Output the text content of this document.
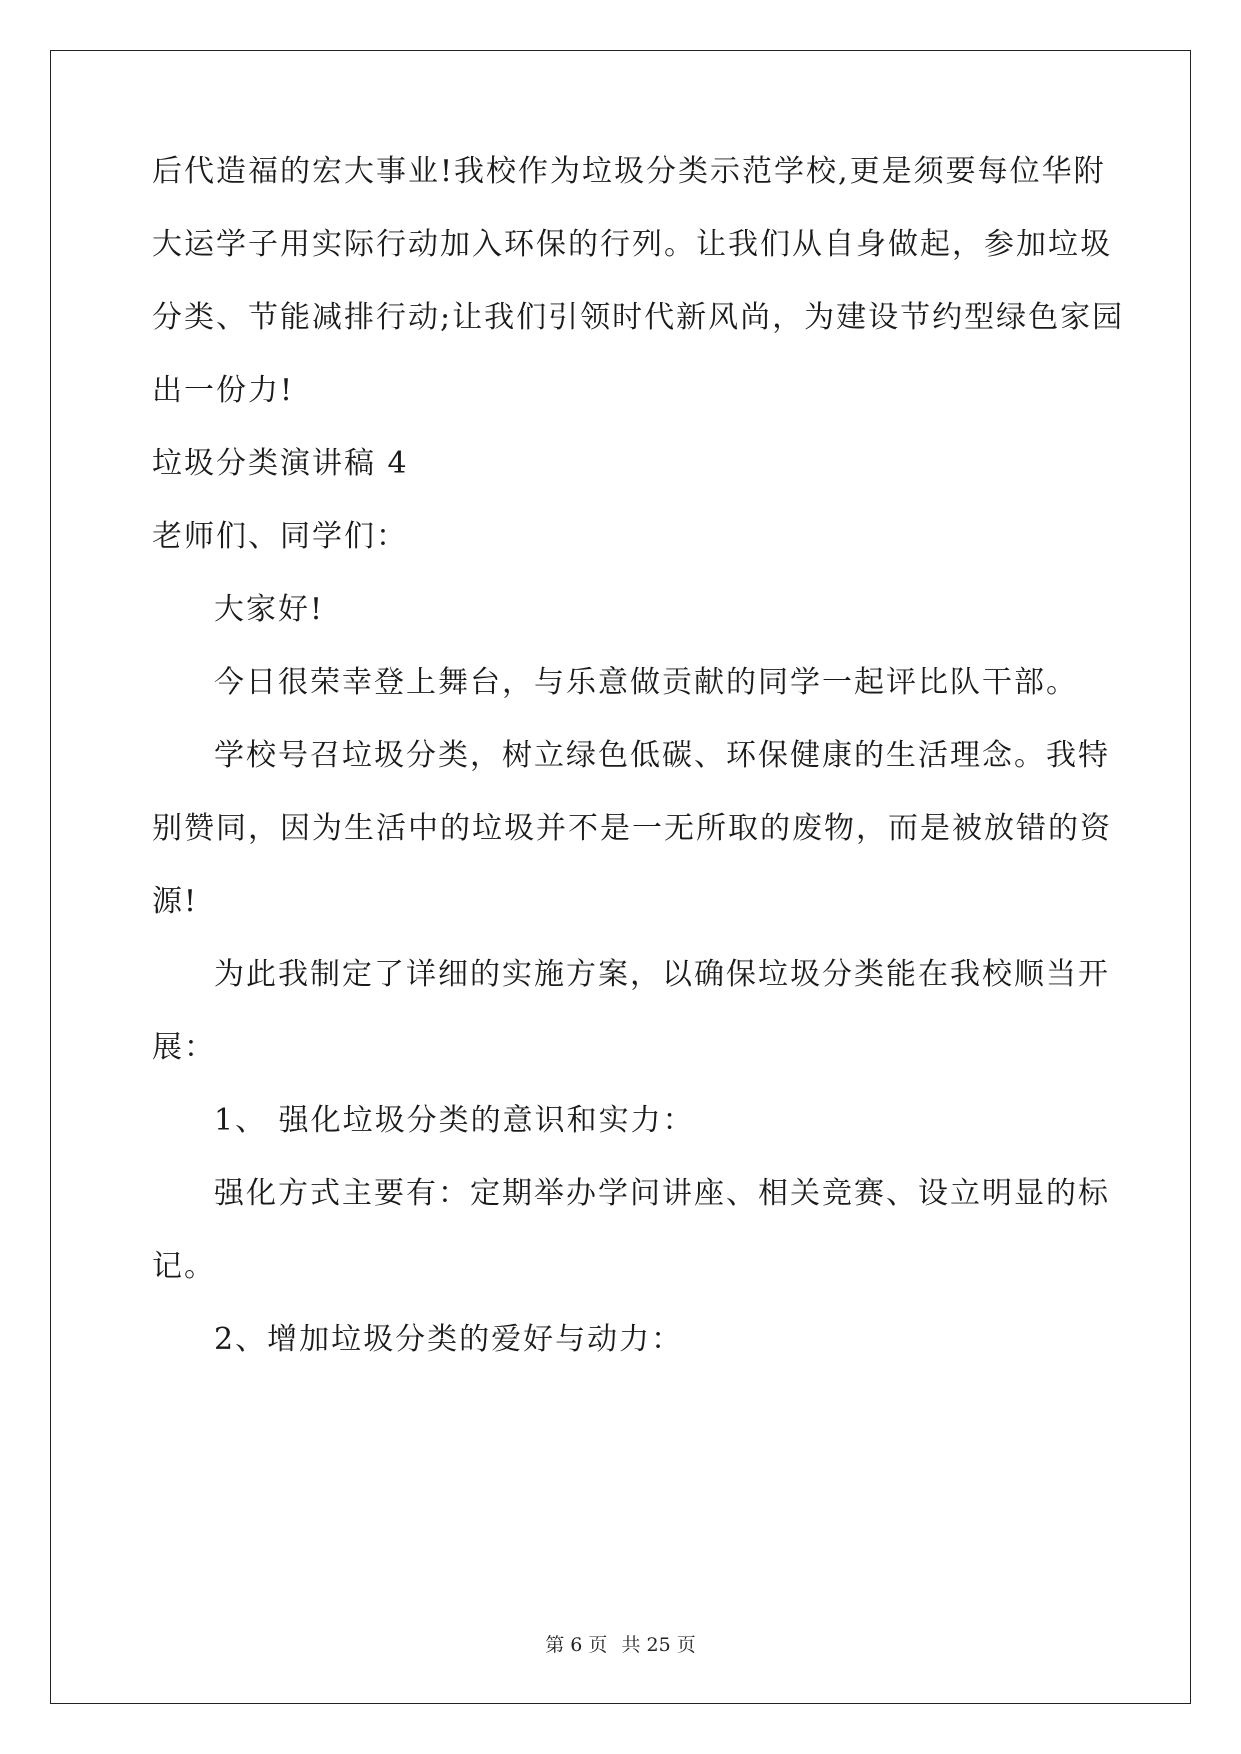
后代造福的宏大事业!我校作为垃圾分类示范学校,更是须要每位华附
大运学子用实际行动加入环保的行列。让我们从自身做起，参加垃圾
分类、节能减排行动;让我们引领时代新风尚，为建设节约型绿色家园
出一份力!
垃圾分类演讲稿 4
老师们、同学们：
大家好!
今日很荣幸登上舞台，与乐意做贡献的同学一起评比队干部。
学校号召垃圾分类，树立绿色低碳、环保健康的生活理念。我特
别赞同，因为生活中的垃圾并不是一无所取的废物，而是被放错的资
源!
为此我制定了详细的实施方案，以确保垃圾分类能在我校顺当开
展：
1、 强化垃圾分类的意识和实力：
强化方式主要有：定期举办学问讲座、相关竞赛、设立明显的标
记。
2、增加垃圾分类的爱好与动力：
第 6 页 共 25 页
